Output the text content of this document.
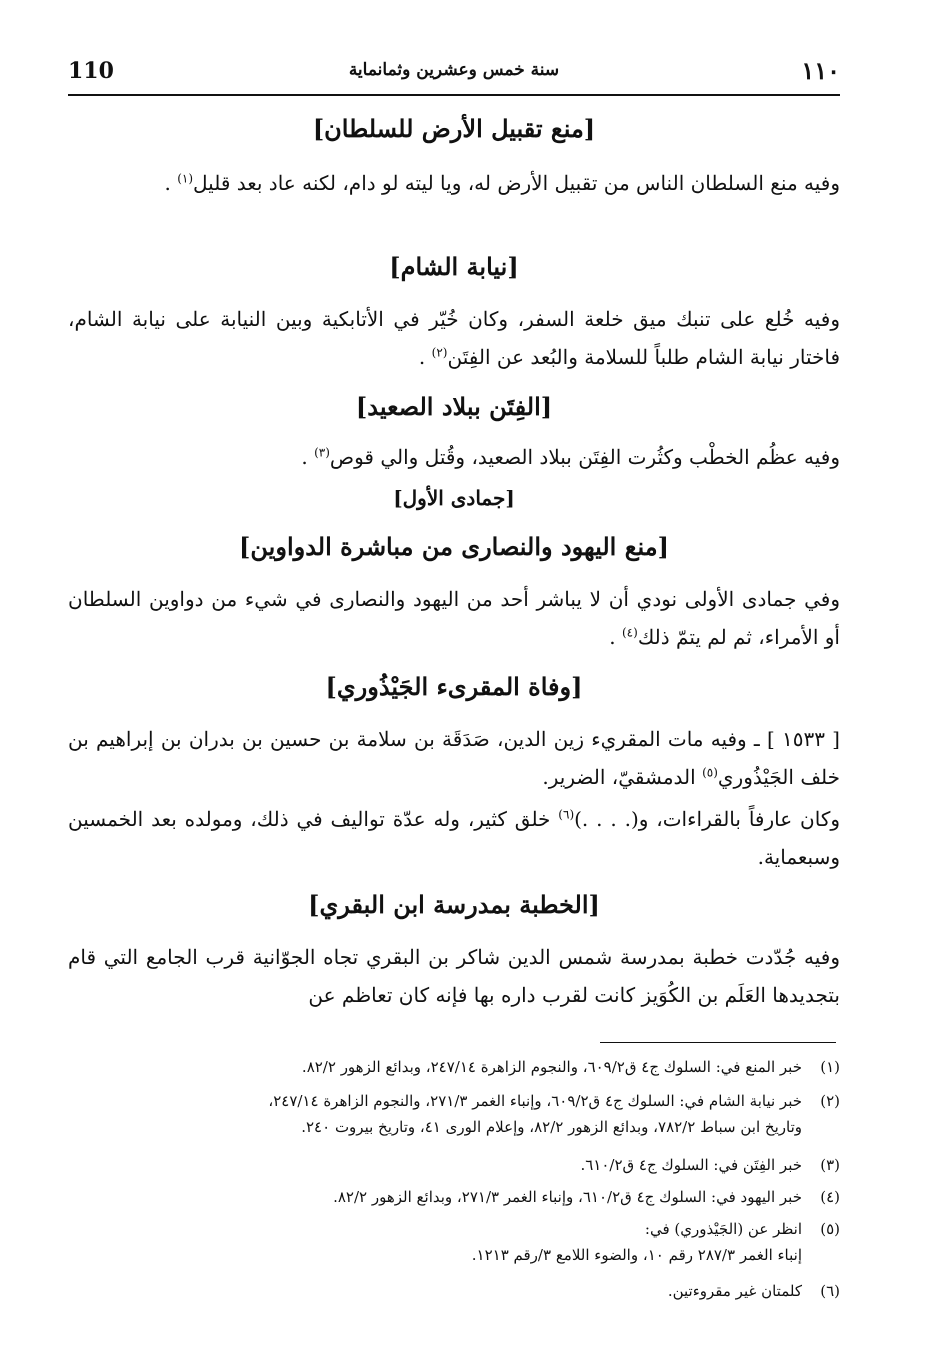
110	سنة خمس وعشرين وثمانماية	١١٠
[منع تقبيل الأرض للسلطان]

وفيه منع السلطان الناس من تقبيل الأرض له، ويا ليته لو دام، لكنه عاد بعد قليل$^{(١)}$ .

[نيابة الشام]

وفيه خُلع على تنبك ميق خلعة السفر، وكان خُيّر في الأتابكية وبين النيابة على نيابة الشام، فاختار نيابة الشام طلباً للسلامة والبُعد عن الفِتَن$^{(٢)}$ .

[الفِتَن ببلاد الصعيد]

وفيه عظُم الخطْب وكثُرت الفِتَن ببلاد الصعيد، وقُتل والي قوص$^{(٣)}$ .

[جمادى الأول]
[منع اليهود والنصارى من مباشرة الدواوين]

وفي جمادى الأولى نودي أن لا يباشر أحد من اليهود والنصارى في شيء من دواوين السلطان أو الأمراء، ثم لم يتمّ ذلك$^{(٤)}$ .

[وفاة المقرىء الجَيْذُوري]

[ ١٥٣٣ ] ـ وفيه مات المقريء زين الدين، صَدَقَة بن سلامة بن حسين بن بدران بن إبراهيم بن خلف الجَيْذُوري$^{(٥)}$ الدمشقيّ، الضرير.

وكان عارفاً بالقراءات، و(. . . .)$^{(٦)}$ خلق كثير، وله عدّة تواليف في ذلك، ومولده بعد الخمسين وسبعماية.

[الخطبة بمدرسة ابن البقري]

وفيه جُدّدت خطبة بمدرسة شمس الدين شاكر بن البقري تجاه الجوّانية قرب الجامع التي قام بتجديدها العَلَم بن الكُوَيز كانت لقرب داره بها فإنه كان تعاظم عن

(١)خبر المنع في: السلوك ج٤ ق٦٠٩/٢، والنجوم الزاهرة ٢٤٧/١٤، وبدائع الزهور ٨٢/٢.
(٢)خبر نيابة الشام في: السلوك ج٤ ق٦٠٩/٢، وإنباء الغمر ٢٧١/٣، والنجوم الزاهرة ٢٤٧/١٤،
وتاريخ ابن سباط ٧٨٢/٢، وبدائع الزهور ٨٢/٢، وإعلام الورى ٤١، وتاريخ بيروت ٢٤٠.
(٣)خبر الفِتَن في: السلوك ج٤ ق٦١٠/٢.
(٤)خبر اليهود في: السلوك ج٤ ق٦١٠/٢، وإنباء الغمر ٢٧١/٣، وبدائع الزهور ٨٢/٢.
(٥)انظر عن (الجَيْذوري) في:
إنباء الغمر ٢٨٧/٣ رقم ١٠، والضوء اللامع ٣/رقم ١٢١٣.
(٦)كلمتان غير مقروءتين.
